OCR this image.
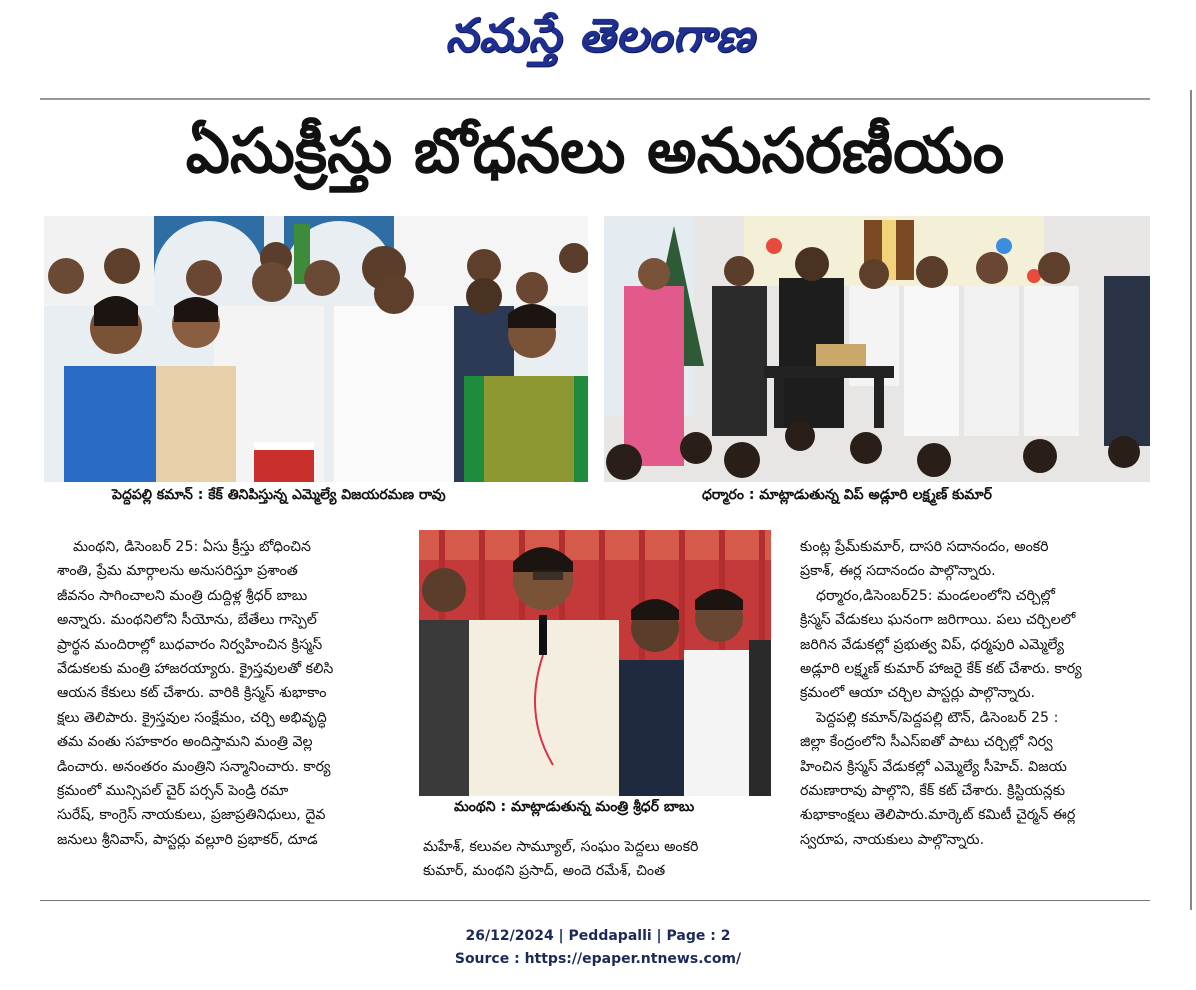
నమస్తే తెలంగాణ
ఏసుక్రీస్తు బోధనలు అనుసరణీయం
పెద్దపల్లి కమాన్ : కేక్ తినిపిస్తున్న ఎమ్మెల్యే విజయరమణ రావు	ధర్మారం : మాట్లాడుతున్న విప్ అడ్లూరి లక్ష్మణ్ కుమార్
మంథని, డిసెంబర్ 25: ఏసు క్రీస్తు బోధించిన
శాంతి, ప్రేమ మార్గాలను అనుసరిస్తూ ప్రశాంత
జీవనం సాగించాలని మంత్రి దుద్దిళ్ల శ్రీధర్ బాబు
అన్నారు. మంథనిలోని సీయోను, బేతేలు గాస్పెల్
ప్రార్థన మందిరాల్లో బుధవారం నిర్వహించిన క్రిస్మస్
వేడుకలకు మంత్రి హాజరయ్యారు. క్రైస్తవులతో కలిసి
ఆయన కేకులు కట్ చేశారు. వారికి క్రిస్మస్ శుభాకాం
క్షలు తెలిపారు. క్రైస్తవుల సంక్షేమం, చర్చి అభివృద్ధి
తమ వంతు సహకారం అందిస్తామని మంత్రి వెల్ల
డించారు. అనంతరం మంత్రిని సన్మానించారు. కార్య
క్రమంలో మున్సిపల్ చైర్ పర్సన్ పెండ్రి రమా
సురేష్, కాంగ్రెస్ నాయకులు, ప్రజాప్రతినిధులు, దైవ
జనులు శ్రీనివాస్, పాస్టర్లు వల్లూరి ప్రభాకర్, దూడ
మంథని : మాట్లాడుతున్న మంత్రి శ్రీధర్ బాబు
మహేశ్, కలువల సామ్యూల్, సంఘం పెద్దలు అంకరి
కుమార్, మంథని ప్రసాద్, అందె రమేశ్, చింత
కుంట్ల ప్రేమ్‌కుమార్, దాసరి సదానందం, అంకరి
ప్రకాశ్, ఈర్ల సదానందం పాల్గొన్నారు.
ధర్మారం,డిసెంబర్25: మండలంలోని చర్చిల్లో
క్రిస్మస్ వేడుకలు ఘనంగా జరిగాయి. పలు చర్చిలలో
జరిగిన వేడుకల్లో ప్రభుత్వ విప్, ధర్మపురి ఎమ్మెల్యే
అడ్లూరి లక్ష్మణ్ కుమార్ హాజరై కేక్ కట్ చేశారు. కార్య
క్రమంలో ఆయా చర్చిల పాస్టర్లు పాల్గొన్నారు.
పెద్దపల్లి కమాన్/పెద్దపల్లి టౌన్, డిసెంబర్ 25 :
జిల్లా కేంద్రంలోని సీఎస్ఐతో పాటు చర్చిల్లో నిర్వ
హించిన క్రిస్మస్ వేడుకల్లో ఎమ్మెల్యే సీహెచ్. విజయ
రమణారావు పాల్గొని, కేక్ కట్ చేశారు. క్రిస్టియన్లకు
శుభాకాంక్షలు తెలిపారు.మార్కెట్ కమిటీ చైర్మన్ ఈర్ల
స్వరూప, నాయకులు పాల్గొన్నారు.
26/12/2024 | Peddapalli | Page : 2
Source : https://epaper.ntnews.com/
